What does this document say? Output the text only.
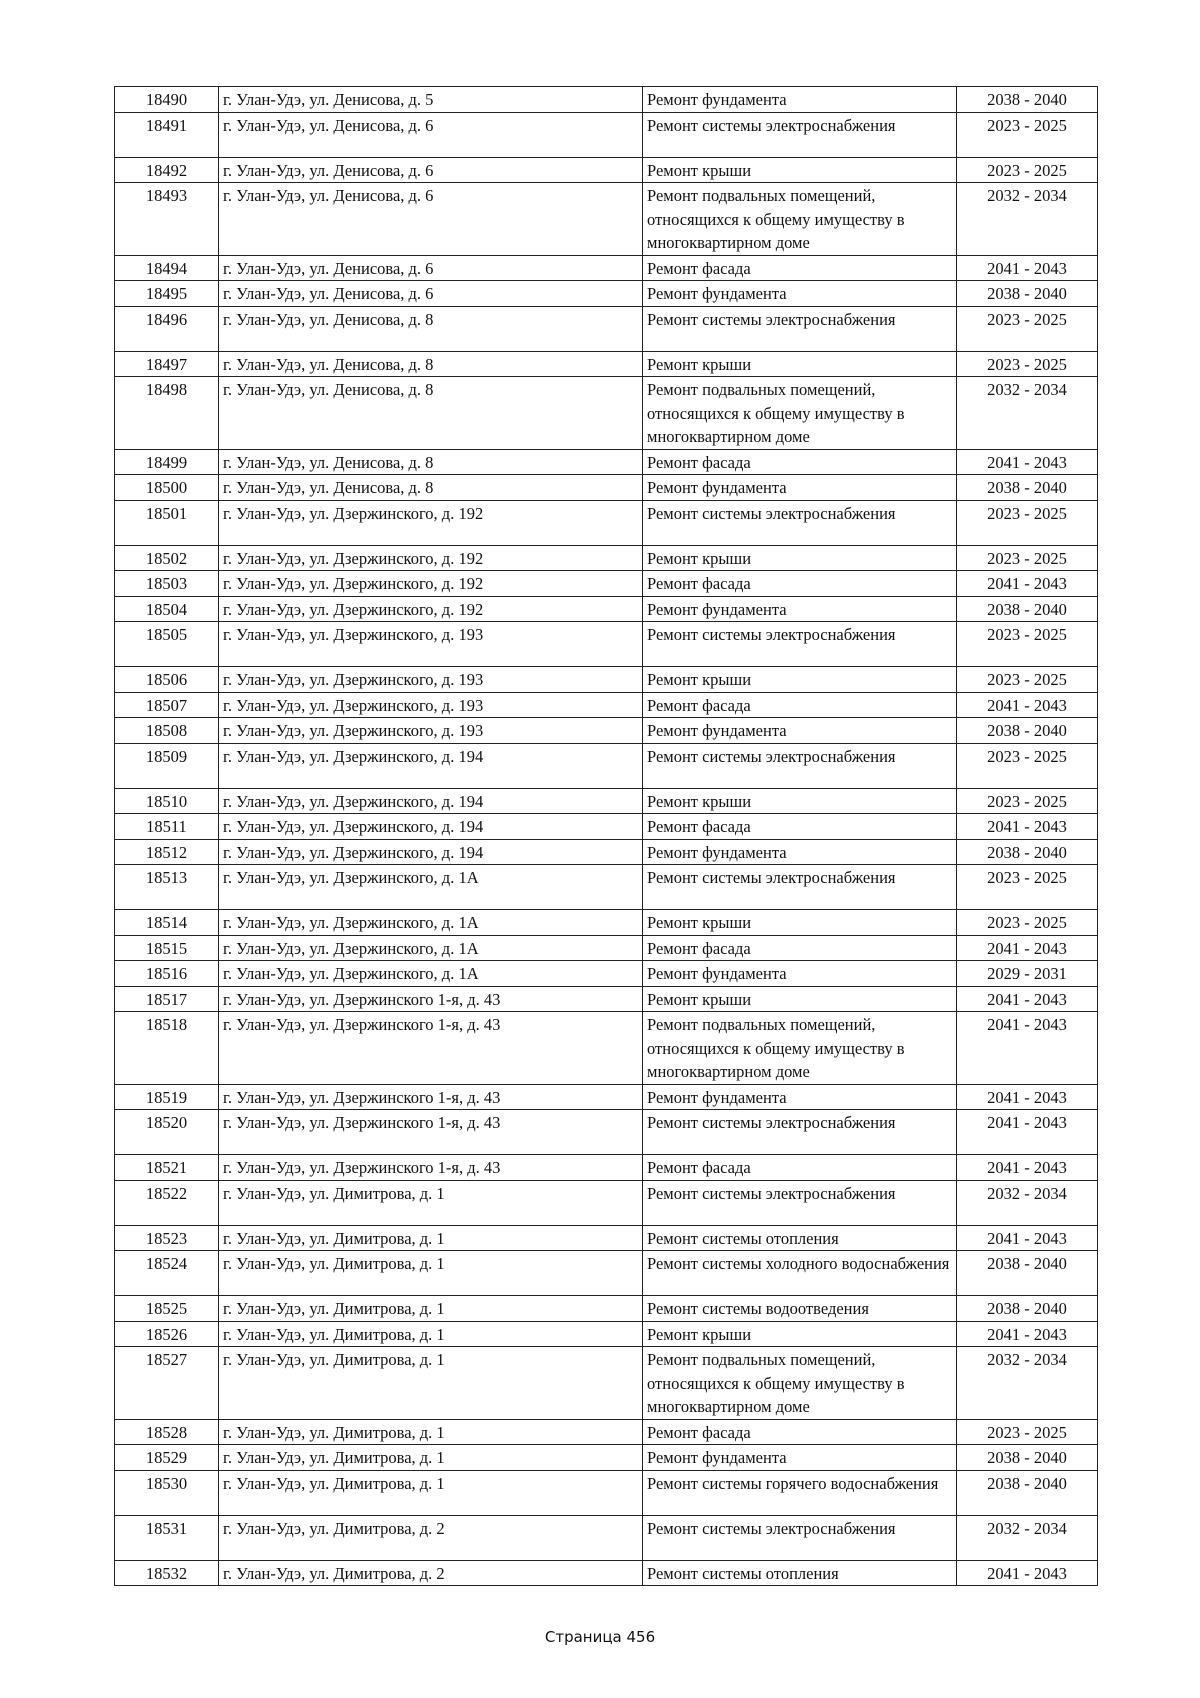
18490	г. Улан-Удэ, ул. Денисова, д. 5	Ремонт фундамента	2038 - 2040
18491	г. Улан-Удэ, ул. Денисова, д. 6	Ремонт системы электроснабжения	2023 - 2025
18492	г. Улан-Удэ, ул. Денисова, д. 6	Ремонт крыши	2023 - 2025
18493	г. Улан-Удэ, ул. Денисова, д. 6	Ремонт подвальных помещений, относящихся к общему имуществу в многоквартирном доме	2032 - 2034
18494	г. Улан-Удэ, ул. Денисова, д. 6	Ремонт фасада	2041 - 2043
18495	г. Улан-Удэ, ул. Денисова, д. 6	Ремонт фундамента	2038 - 2040
18496	г. Улан-Удэ, ул. Денисова, д. 8	Ремонт системы электроснабжения	2023 - 2025
18497	г. Улан-Удэ, ул. Денисова, д. 8	Ремонт крыши	2023 - 2025
18498	г. Улан-Удэ, ул. Денисова, д. 8	Ремонт подвальных помещений, относящихся к общему имуществу в многоквартирном доме	2032 - 2034
18499	г. Улан-Удэ, ул. Денисова, д. 8	Ремонт фасада	2041 - 2043
18500	г. Улан-Удэ, ул. Денисова, д. 8	Ремонт фундамента	2038 - 2040
18501	г. Улан-Удэ, ул. Дзержинского, д. 192	Ремонт системы электроснабжения	2023 - 2025
18502	г. Улан-Удэ, ул. Дзержинского, д. 192	Ремонт крыши	2023 - 2025
18503	г. Улан-Удэ, ул. Дзержинского, д. 192	Ремонт фасада	2041 - 2043
18504	г. Улан-Удэ, ул. Дзержинского, д. 192	Ремонт фундамента	2038 - 2040
18505	г. Улан-Удэ, ул. Дзержинского, д. 193	Ремонт системы электроснабжения	2023 - 2025
18506	г. Улан-Удэ, ул. Дзержинского, д. 193	Ремонт крыши	2023 - 2025
18507	г. Улан-Удэ, ул. Дзержинского, д. 193	Ремонт фасада	2041 - 2043
18508	г. Улан-Удэ, ул. Дзержинского, д. 193	Ремонт фундамента	2038 - 2040
18509	г. Улан-Удэ, ул. Дзержинского, д. 194	Ремонт системы электроснабжения	2023 - 2025
18510	г. Улан-Удэ, ул. Дзержинского, д. 194	Ремонт крыши	2023 - 2025
18511	г. Улан-Удэ, ул. Дзержинского, д. 194	Ремонт фасада	2041 - 2043
18512	г. Улан-Удэ, ул. Дзержинского, д. 194	Ремонт фундамента	2038 - 2040
18513	г. Улан-Удэ, ул. Дзержинского, д. 1А	Ремонт системы электроснабжения	2023 - 2025
18514	г. Улан-Удэ, ул. Дзержинского, д. 1А	Ремонт крыши	2023 - 2025
18515	г. Улан-Удэ, ул. Дзержинского, д. 1А	Ремонт фасада	2041 - 2043
18516	г. Улан-Удэ, ул. Дзержинского, д. 1А	Ремонт фундамента	2029 - 2031
18517	г. Улан-Удэ, ул. Дзержинского 1-я, д. 43	Ремонт крыши	2041 - 2043
18518	г. Улан-Удэ, ул. Дзержинского 1-я, д. 43	Ремонт подвальных помещений, относящихся к общему имуществу в многоквартирном доме	2041 - 2043
18519	г. Улан-Удэ, ул. Дзержинского 1-я, д. 43	Ремонт фундамента	2041 - 2043
18520	г. Улан-Удэ, ул. Дзержинского 1-я, д. 43	Ремонт системы электроснабжения	2041 - 2043
18521	г. Улан-Удэ, ул. Дзержинского 1-я, д. 43	Ремонт фасада	2041 - 2043
18522	г. Улан-Удэ, ул. Димитрова, д. 1	Ремонт системы электроснабжения	2032 - 2034
18523	г. Улан-Удэ, ул. Димитрова, д. 1	Ремонт системы отопления	2041 - 2043
18524	г. Улан-Удэ, ул. Димитрова, д. 1	Ремонт системы холодного водоснабжения	2038 - 2040
18525	г. Улан-Удэ, ул. Димитрова, д. 1	Ремонт системы водоотведения	2038 - 2040
18526	г. Улан-Удэ, ул. Димитрова, д. 1	Ремонт крыши	2041 - 2043
18527	г. Улан-Удэ, ул. Димитрова, д. 1	Ремонт подвальных помещений, относящихся к общему имуществу в многоквартирном доме	2032 - 2034
18528	г. Улан-Удэ, ул. Димитрова, д. 1	Ремонт фасада	2023 - 2025
18529	г. Улан-Удэ, ул. Димитрова, д. 1	Ремонт фундамента	2038 - 2040
18530	г. Улан-Удэ, ул. Димитрова, д. 1	Ремонт системы горячего водоснабжения	2038 - 2040
18531	г. Улан-Удэ, ул. Димитрова, д. 2	Ремонт системы электроснабжения	2032 - 2034
18532	г. Улан-Удэ, ул. Димитрова, д. 2	Ремонт системы отопления	2041 - 2043
Страница 456
